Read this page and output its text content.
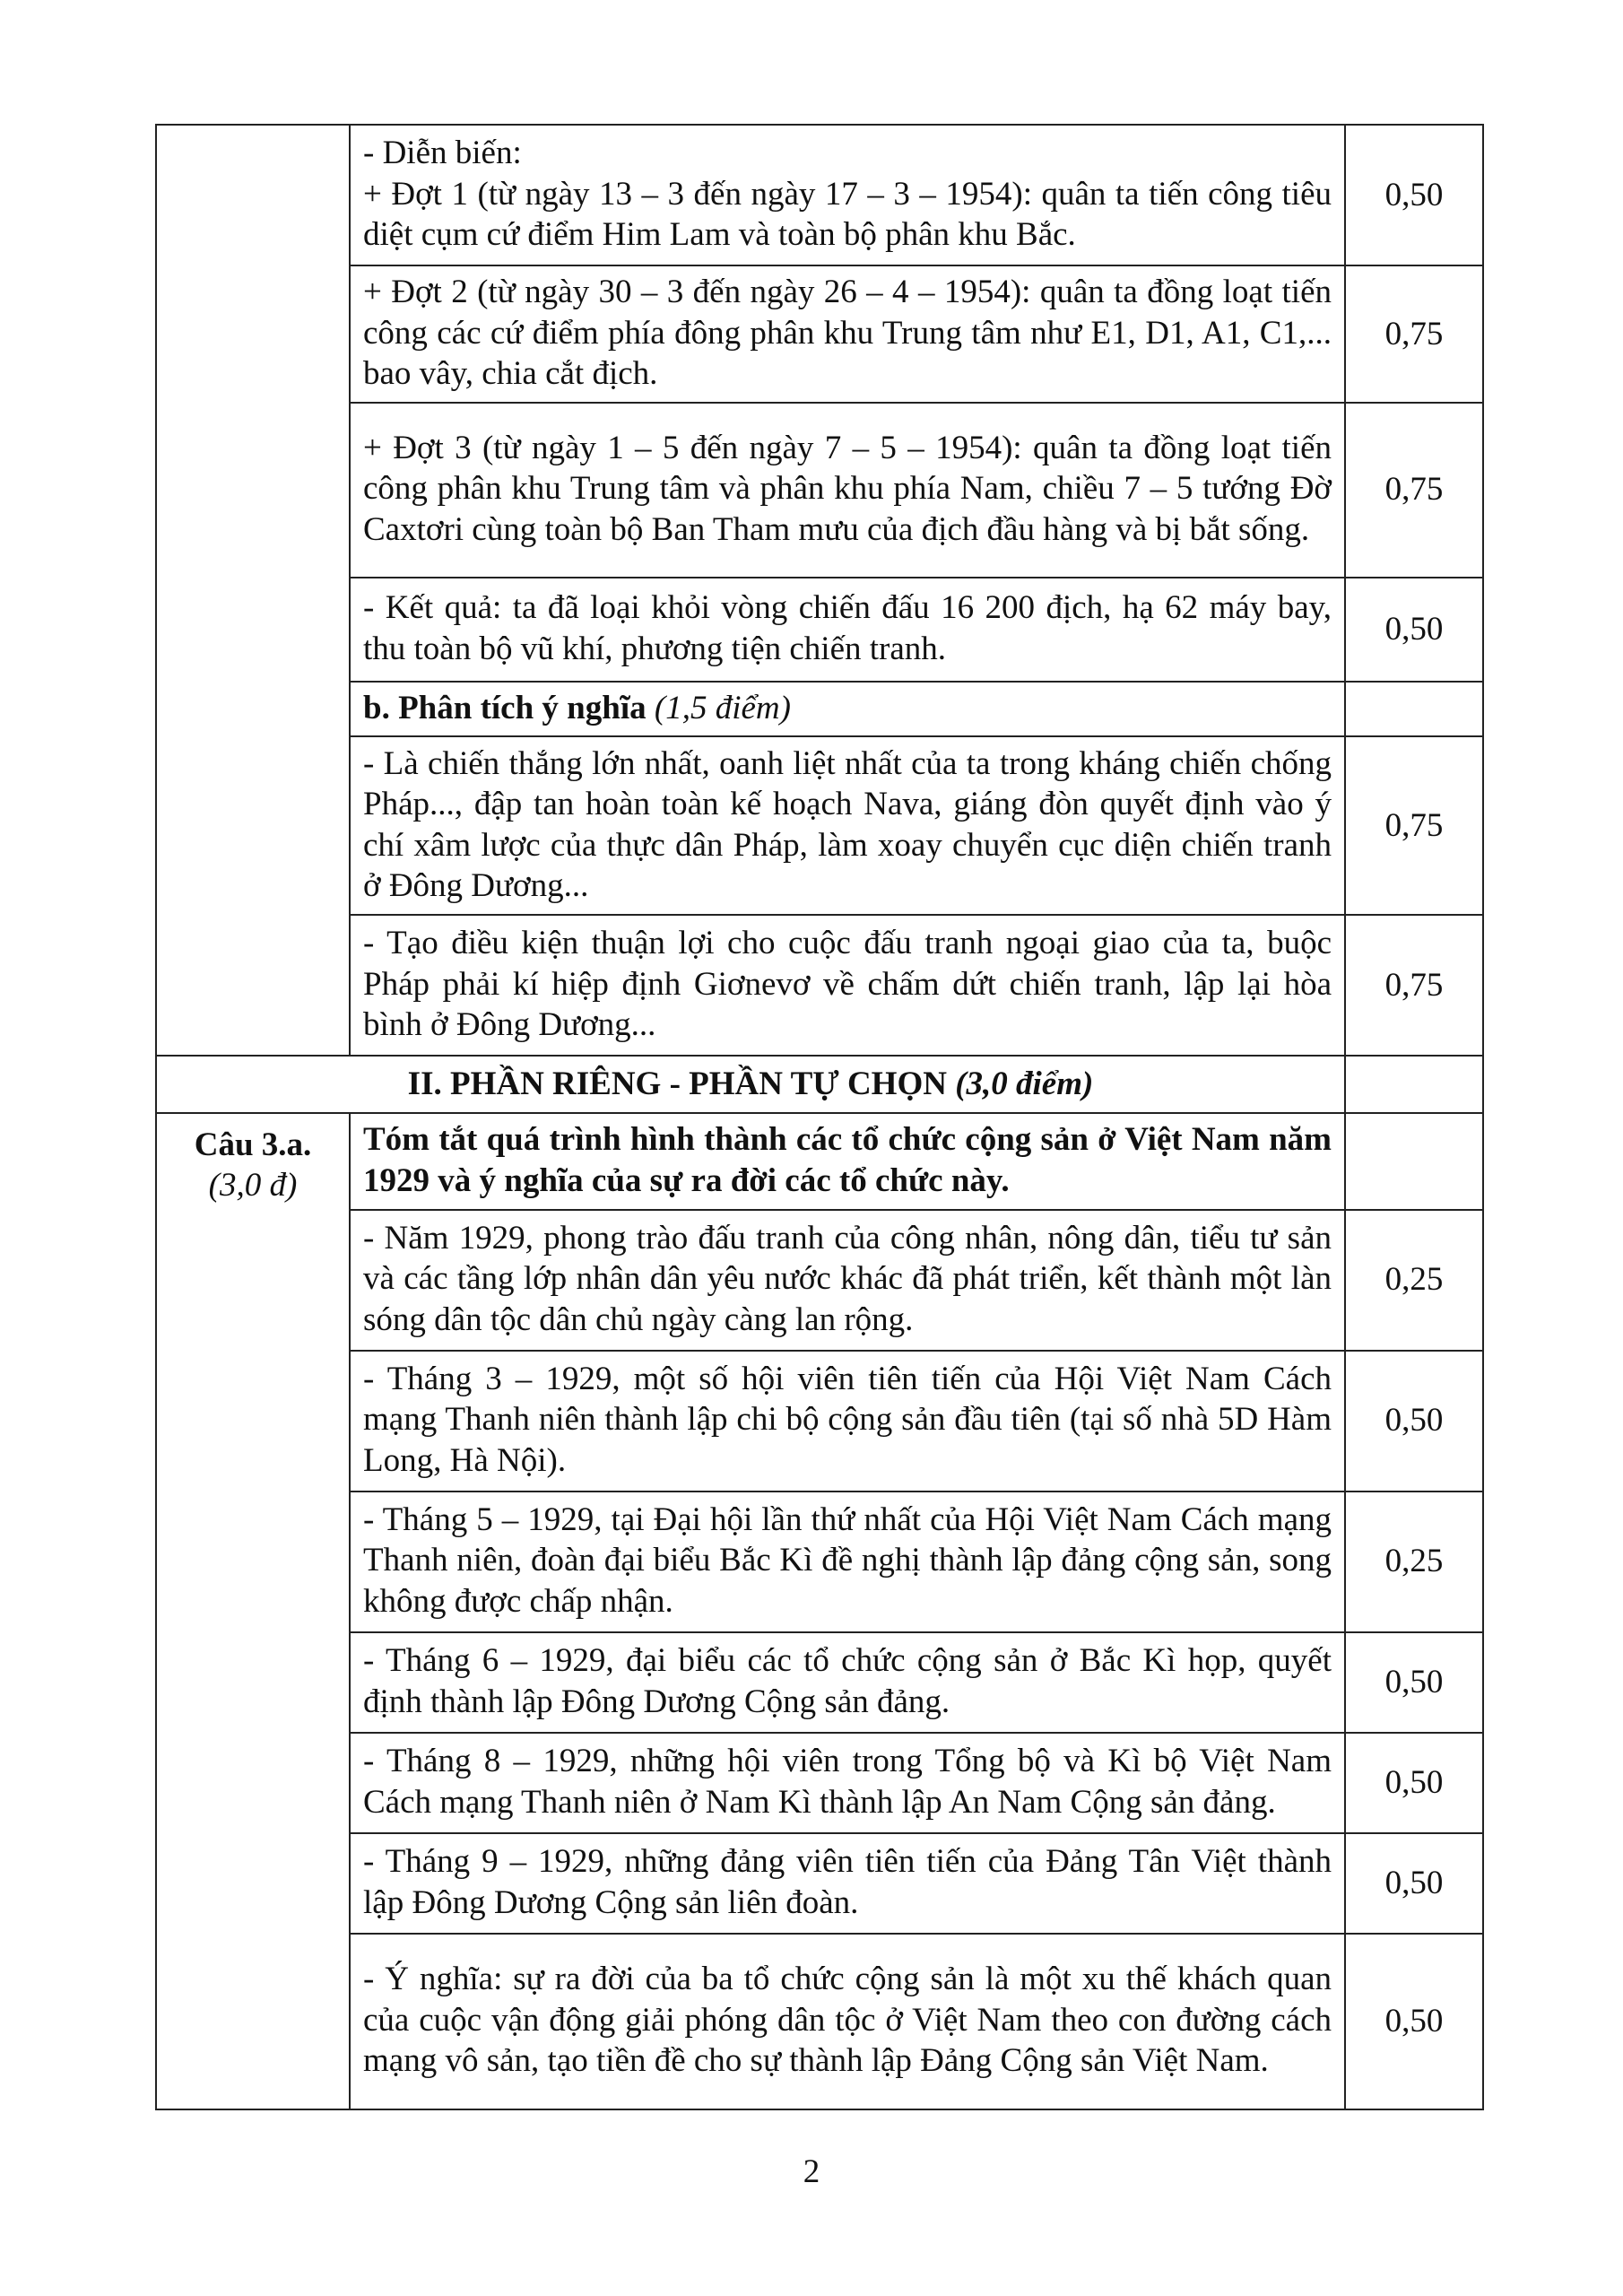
	- Diễn biến:
+ Đợt 1 (từ ngày 13 – 3 đến ngày 17 – 3 – 1954): quân ta tiến công tiêu diệt cụm cứ điểm Him Lam và toàn bộ phân khu Bắc.	0,50
	+ Đợt 2 (từ ngày 30 – 3 đến ngày 26 – 4 – 1954): quân ta đồng loạt tiến công các cứ điểm phía đông phân khu Trung tâm như E1, D1, A1, C1,... bao vây, chia cắt địch.	0,75
	+ Đợt 3 (từ ngày 1 – 5 đến ngày 7 – 5 – 1954): quân ta đồng loạt tiến công phân khu Trung tâm và phân khu phía Nam, chiều 7 – 5 tướng Đờ Caxtơri cùng toàn bộ Ban Tham mưu của địch đầu hàng và bị bắt sống.	0,75
	- Kết quả: ta đã loại khỏi vòng chiến đấu 16 200 địch, hạ 62 máy bay, thu toàn bộ vũ khí, phương tiện chiến tranh.	0,50
	b. Phân tích ý nghĩa (1,5 điểm)	
	- Là chiến thắng lớn nhất, oanh liệt nhất của ta trong kháng chiến chống Pháp..., đập tan hoàn toàn kế hoạch Nava, giáng đòn quyết định vào ý chí xâm lược của thực dân Pháp, làm xoay chuyển cục diện chiến tranh ở Đông Dương...	0,75
	- Tạo điều kiện thuận lợi cho cuộc đấu tranh ngoại giao của ta, buộc Pháp phải kí hiệp định Giơnevơ về chấm dứt chiến tranh, lập lại hòa bình ở Đông Dương...	0,75
II. PHẦN RIÊNG - PHẦN TỰ CHỌN (3,0 điểm)		

Câu 3.a.
(3,0 đ)	Tóm tắt quá trình hình thành các tổ chức cộng sản ở Việt Nam năm 1929 và ý nghĩa của sự ra đời các tổ chức này.	
	- Năm 1929, phong trào đấu tranh của công nhân, nông dân, tiểu tư sản và các tầng lớp nhân dân yêu nước khác đã phát triển, kết thành một làn sóng dân tộc dân chủ ngày càng lan rộng.	0,25
	- Tháng 3 – 1929, một số hội viên tiên tiến của Hội Việt Nam Cách mạng Thanh niên thành lập chi bộ cộng sản đầu tiên (tại số nhà 5D Hàm Long, Hà Nội).	0,50
	- Tháng 5 – 1929, tại Đại hội lần thứ nhất của Hội Việt Nam Cách mạng Thanh niên, đoàn đại biểu Bắc Kì đề nghị thành lập đảng cộng sản, song không được chấp nhận.	0,25
	- Tháng 6 – 1929, đại biểu các tổ chức cộng sản ở Bắc Kì họp, quyết định thành lập Đông Dương Cộng sản đảng.	0,50
	- Tháng 8 – 1929, những hội viên trong Tổng bộ và Kì bộ Việt Nam Cách mạng Thanh niên ở Nam Kì thành lập An Nam Cộng sản đảng.	0,50
	- Tháng 9 – 1929, những đảng viên tiên tiến của Đảng Tân Việt thành lập Đông Dương Cộng sản liên đoàn.	0,50
	- Ý nghĩa: sự ra đời của ba tổ chức cộng sản là một xu thế khách quan của cuộc vận động giải phóng dân tộc ở Việt Nam theo con đường cách mạng vô sản, tạo tiền đề cho sự thành lập Đảng Cộng sản Việt Nam.	0,50
2
